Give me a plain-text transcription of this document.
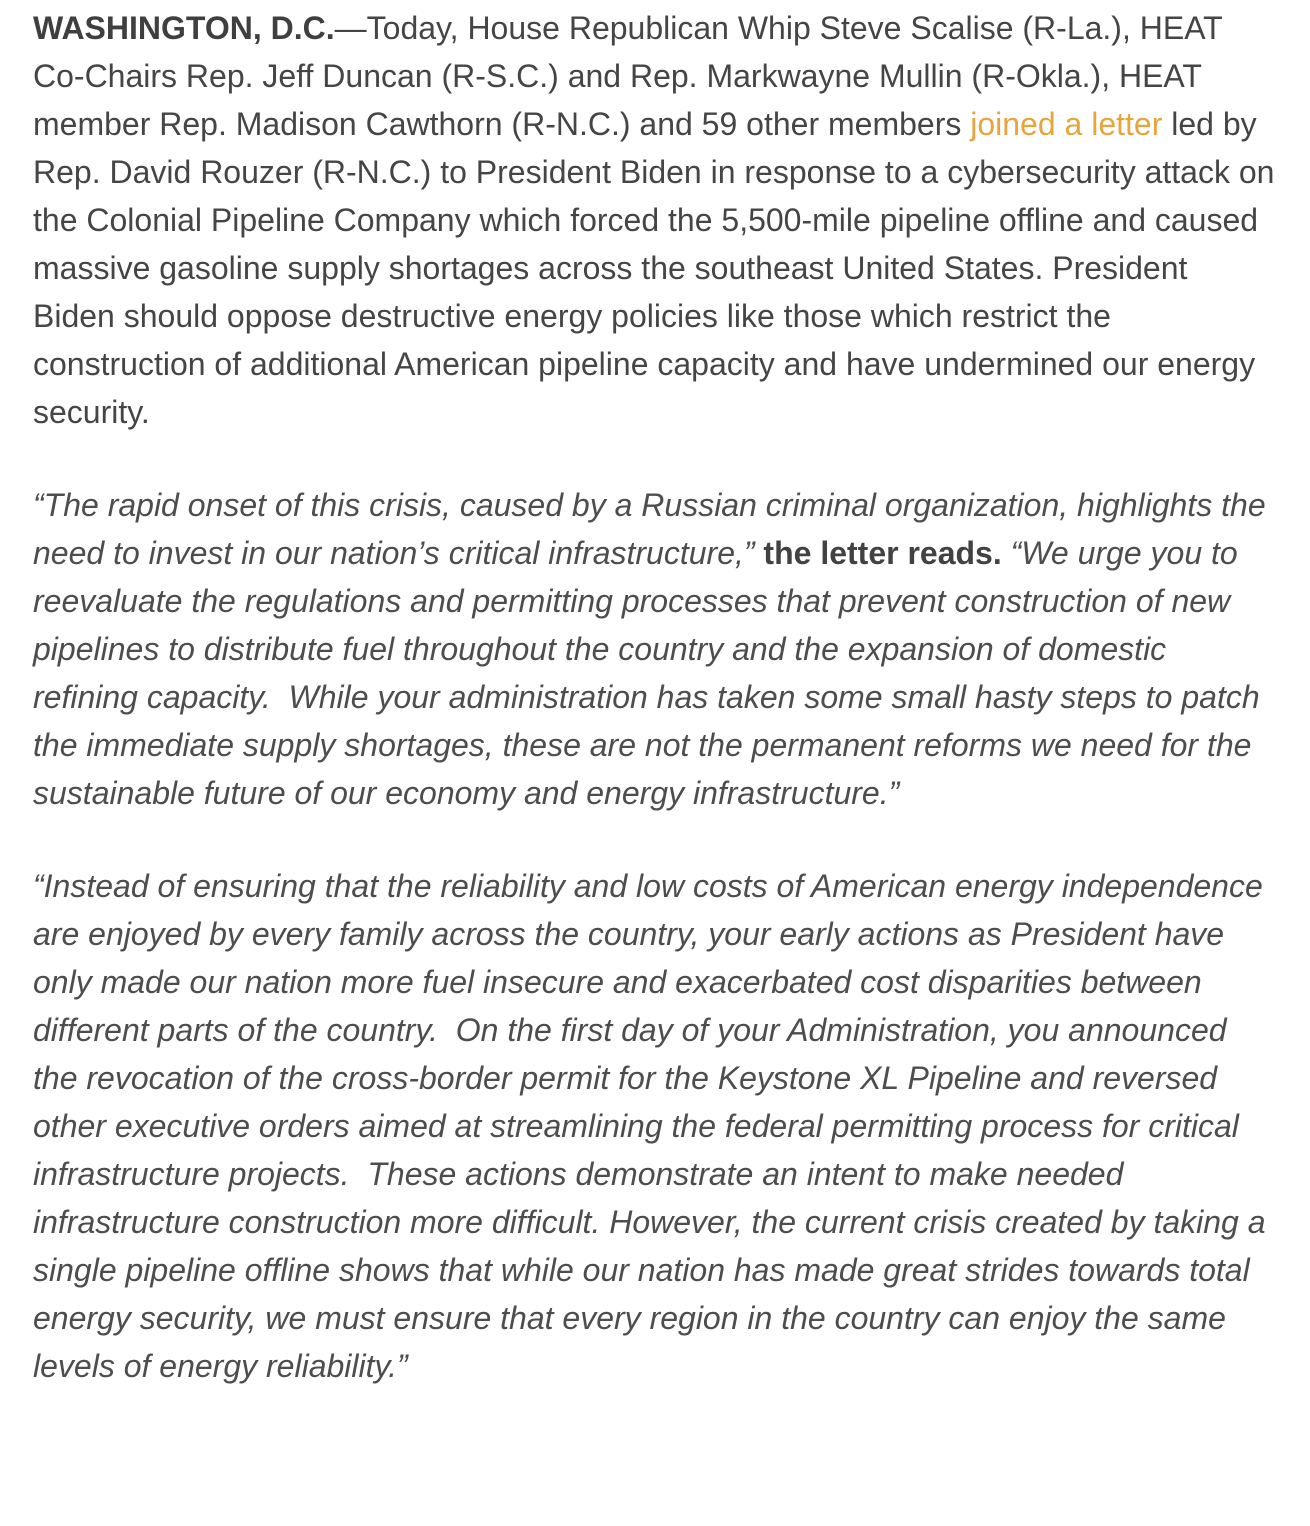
WASHINGTON, D.C.—Today, House Republican Whip Steve Scalise (R-La.), HEAT Co-Chairs Rep. Jeff Duncan (R-S.C.) and Rep. Markwayne Mullin (R-Okla.), HEAT member Rep. Madison Cawthorn (R-N.C.) and 59 other members joined a letter led by Rep. David Rouzer (R-N.C.) to President Biden in response to a cybersecurity attack on the Colonial Pipeline Company which forced the 5,500-mile pipeline offline and caused massive gasoline supply shortages across the southeast United States. President Biden should oppose destructive energy policies like those which restrict the construction of additional American pipeline capacity and have undermined our energy security.

“The rapid onset of this crisis, caused by a Russian criminal organization, highlights the need to invest in our nation’s critical infrastructure,” the letter reads. “We urge you to reevaluate the regulations and permitting processes that prevent construction of new pipelines to distribute fuel throughout the country and the expansion of domestic refining capacity.  While your administration has taken some small hasty steps to patch the immediate supply shortages, these are not the permanent reforms we need for the sustainable future of our economy and energy infrastructure.”

“Instead of ensuring that the reliability and low costs of American energy independence are enjoyed by every family across the country, your early actions as President have only made our nation more fuel insecure and exacerbated cost disparities between different parts of the country.  On the first day of your Administration, you announced the revocation of the cross-border permit for the Keystone XL Pipeline and reversed other executive orders aimed at streamlining the federal permitting process for critical infrastructure projects.  These actions demonstrate an intent to make needed infrastructure construction more difficult. However, the current crisis created by taking a single pipeline offline shows that while our nation has made great strides towards total energy security, we must ensure that every region in the country can enjoy the same levels of energy reliability.”
